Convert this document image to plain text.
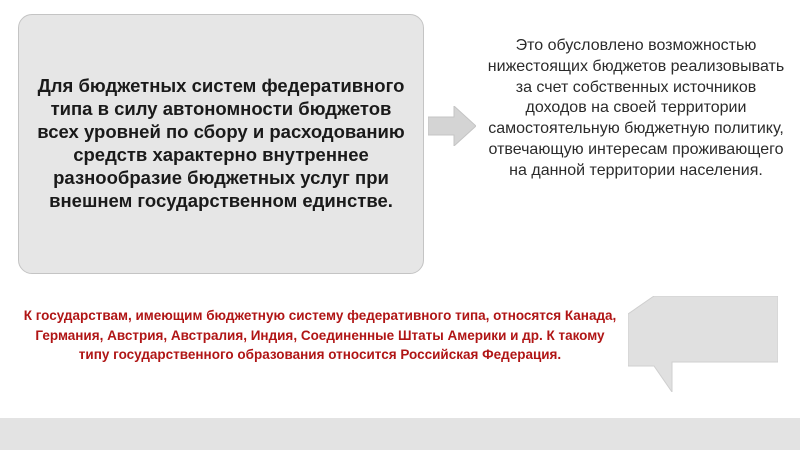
Для бюджетных систем федеративного типа в силу автономности бюджетов всех уровней по сбору и расходованию средств характерно внутреннее разнообразие бюджетных услуг при внешнем государственном единстве.
Это обусловлено возможностью нижестоящих бюджетов реализовывать за счет собственных источников доходов на своей территории самостоятельную бюджетную политику, отвечающую интересам проживающего на данной территории населения.
К государствам, имеющим бюджетную систему федеративного типа, относятся Канада, Германия, Австрия, Австралия, Индия, Соединенные Штаты Америки и др. К такому типу государственного образования относится Российская Федерация.
